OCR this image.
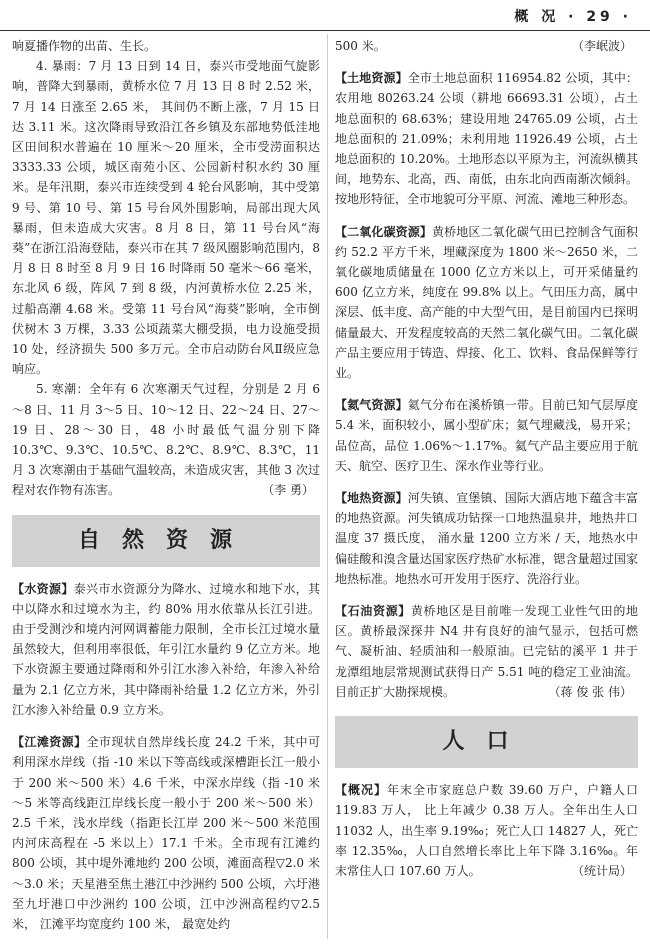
概 况 · 29 ·

响夏播作物的出苗、生长。

4. 暴雨：7 月 13 日到 14 日，泰兴市受地面气旋影响，普降大到暴雨，黄桥水位 7 月 13 日 8 时 2.52 米，7 月 14 日涨至 2.65 米， 其间仍不断上涨，7 月 15 日达 3.11 米。这次降雨导致沿江各乡镇及东部地势低洼地区田间积水普遍在 10 厘米～20 厘米，全市受涝面积达 3333.33 公顷，城区南苑小区、公园新村积水约 30 厘米。是年汛期，泰兴市连续受到 4 轮台风影响，其中受第 9 号、第 10 号、第 15 号台风外围影响，局部出现大风暴雨，但未造成大灾害。8 月 8 日，第 11 号台风“海葵”在浙江沿海登陆，泰兴市在其 7 级风圈影响范围内，8 月 8 日 8 时至 8 月 9 日 16 时降雨 50 毫米～66 毫米，东北风 6 级，阵风 7 到 8 级，内河黄桥水位 2.25 米，过船高潮 4.68 米。受第 11 号台风“海葵”影响，全市倒伏树木 3 万棵，3.33 公顷蔬菜大棚受损，电力设施受损 10 处，经济损失 500 多万元。全市启动防台风Ⅱ级应急响应。

5. 寒潮：全年有 6 次寒潮天气过程，分别是 2 月 6～8 日、11 月 3～5 日、10～12 日、22～24 日、27～19 日、28～30 日，48 小时最低气温分别下降 10.3℃、9.3℃、10.5℃、8.2℃、8.9℃、8.3℃，11 月 3 次寒潮由于基础气温较高，未造成灾害，其他 3 次过程对农作物有冻害。	（李 勇）

自然资源

【水资源】泰兴市水资源分为降水、过境水和地下水，其中以降水和过境水为主，约 80% 用水依靠从长江引进。由于受测沙和境内河网调蓄能力限制，全市长江过境水量虽然较大，但利用率很低，年引江水量约 9 亿立方米。地下水资源主要通过降雨和外引江水渗入补给，年渗入补给量为 2.1 亿立方米，其中降雨补给量 1.2 亿立方米，外引江水渗入补给量 0.9 立方米。

【江滩资源】全市现状自然岸线长度 24.2 千米，其中可利用深水岸线（指 -10 米以下等高线或深槽距长江一般小于 200 米～500 米）4.6 千米，中深水岸线（指 -10 米～5 米等高线距江岸线长度一般小于 200 米～500 米）2.5 千米，浅水岸线（指距长江岸 200 米～500 米范围内河床高程在 -5 米以上）17.1 千米。全市现有江滩约 800 公顷，其中堤外滩地约 200 公顷，滩面高程▽2.0 米～3.0 米；天星港至焦土港江中沙洲约 500 公顷，六圩港至九圩港口中沙洲约 100 公顷，江中沙洲高程约▽2.5 米， 江滩平均宽度约 100 米， 最宽处约

500 米。	（李岷波）

【土地资源】全市土地总面积 116954.82 公顷，其中：农用地 80263.24 公顷（耕地 66693.31 公顷），占土地总面积的 68.63%；建设用地 24765.09 公顷，占土地总面积的 21.09%；未利用地 11926.49 公顷，占土地总面积的 10.20%。土地形态以平原为主，河流纵横其间，地势东、北高，西、南低，由东北向西南渐次倾斜。按地形特征，全市地貌可分平原、河流、滩地三种形态。

【二氧化碳资源】黄桥地区二氧化碳气田已控制含气面积约 52.2 平方千米，埋藏深度为 1800 米～2650 米，二氧化碳地质储量在 1000 亿立方米以上，可开采储量约 600 亿立方米，纯度在 99.8% 以上。气田压力高，属中深层、低丰度、高产能的中大型气田，是目前国内已探明储量最大、开发程度较高的天然二氧化碳气田。二氧化碳产品主要应用于铸造、焊接、化工、饮料、食品保鲜等行业。

【氦气资源】氦气分布在溪桥镇一带。目前已知气层厚度 5.4 米，面积较小，属小型矿床；氦气埋藏浅，易开采；品位高，品位 1.06%～1.17%。氦气产品主要应用于航天、航空、医疗卫生、深水作业等行业。

【地热资源】河失镇、宣堡镇、国际大酒店地下蕴含丰富的地热资源。河失镇成功钻探一口地热温泉井，地热井口温度 37 摄氏度， 涌水量 1200 立方米 / 天，地热水中偏硅酸和溴含量达国家医疗热矿水标准，锶含量超过国家地热标准。地热水可开发用于医疗、洗浴行业。

【石油资源】黄桥地区是目前唯一发现工业性气田的地区。黄桥最深探井 N4 井有良好的油气显示，包括可燃气、凝析油、轻质油和一般原油。已完钻的溪平 1 井于龙潭组地层常规测试获得日产 5.51 吨的稳定工业油流。目前正扩大勘探规模。	（蒋 俊 张 伟）

人口

【概况】年末全市家庭总户数 39.60 万户，户籍人口 119.83 万人， 比上年减少 0.38 万人。全年出生人口 11032 人，出生率 9.19‰；死亡人口 14827 人，死亡率 12.35‰，人口自然增长率比上年下降 3.16‰。年末常住人口 107.60 万人。	（统计局）
